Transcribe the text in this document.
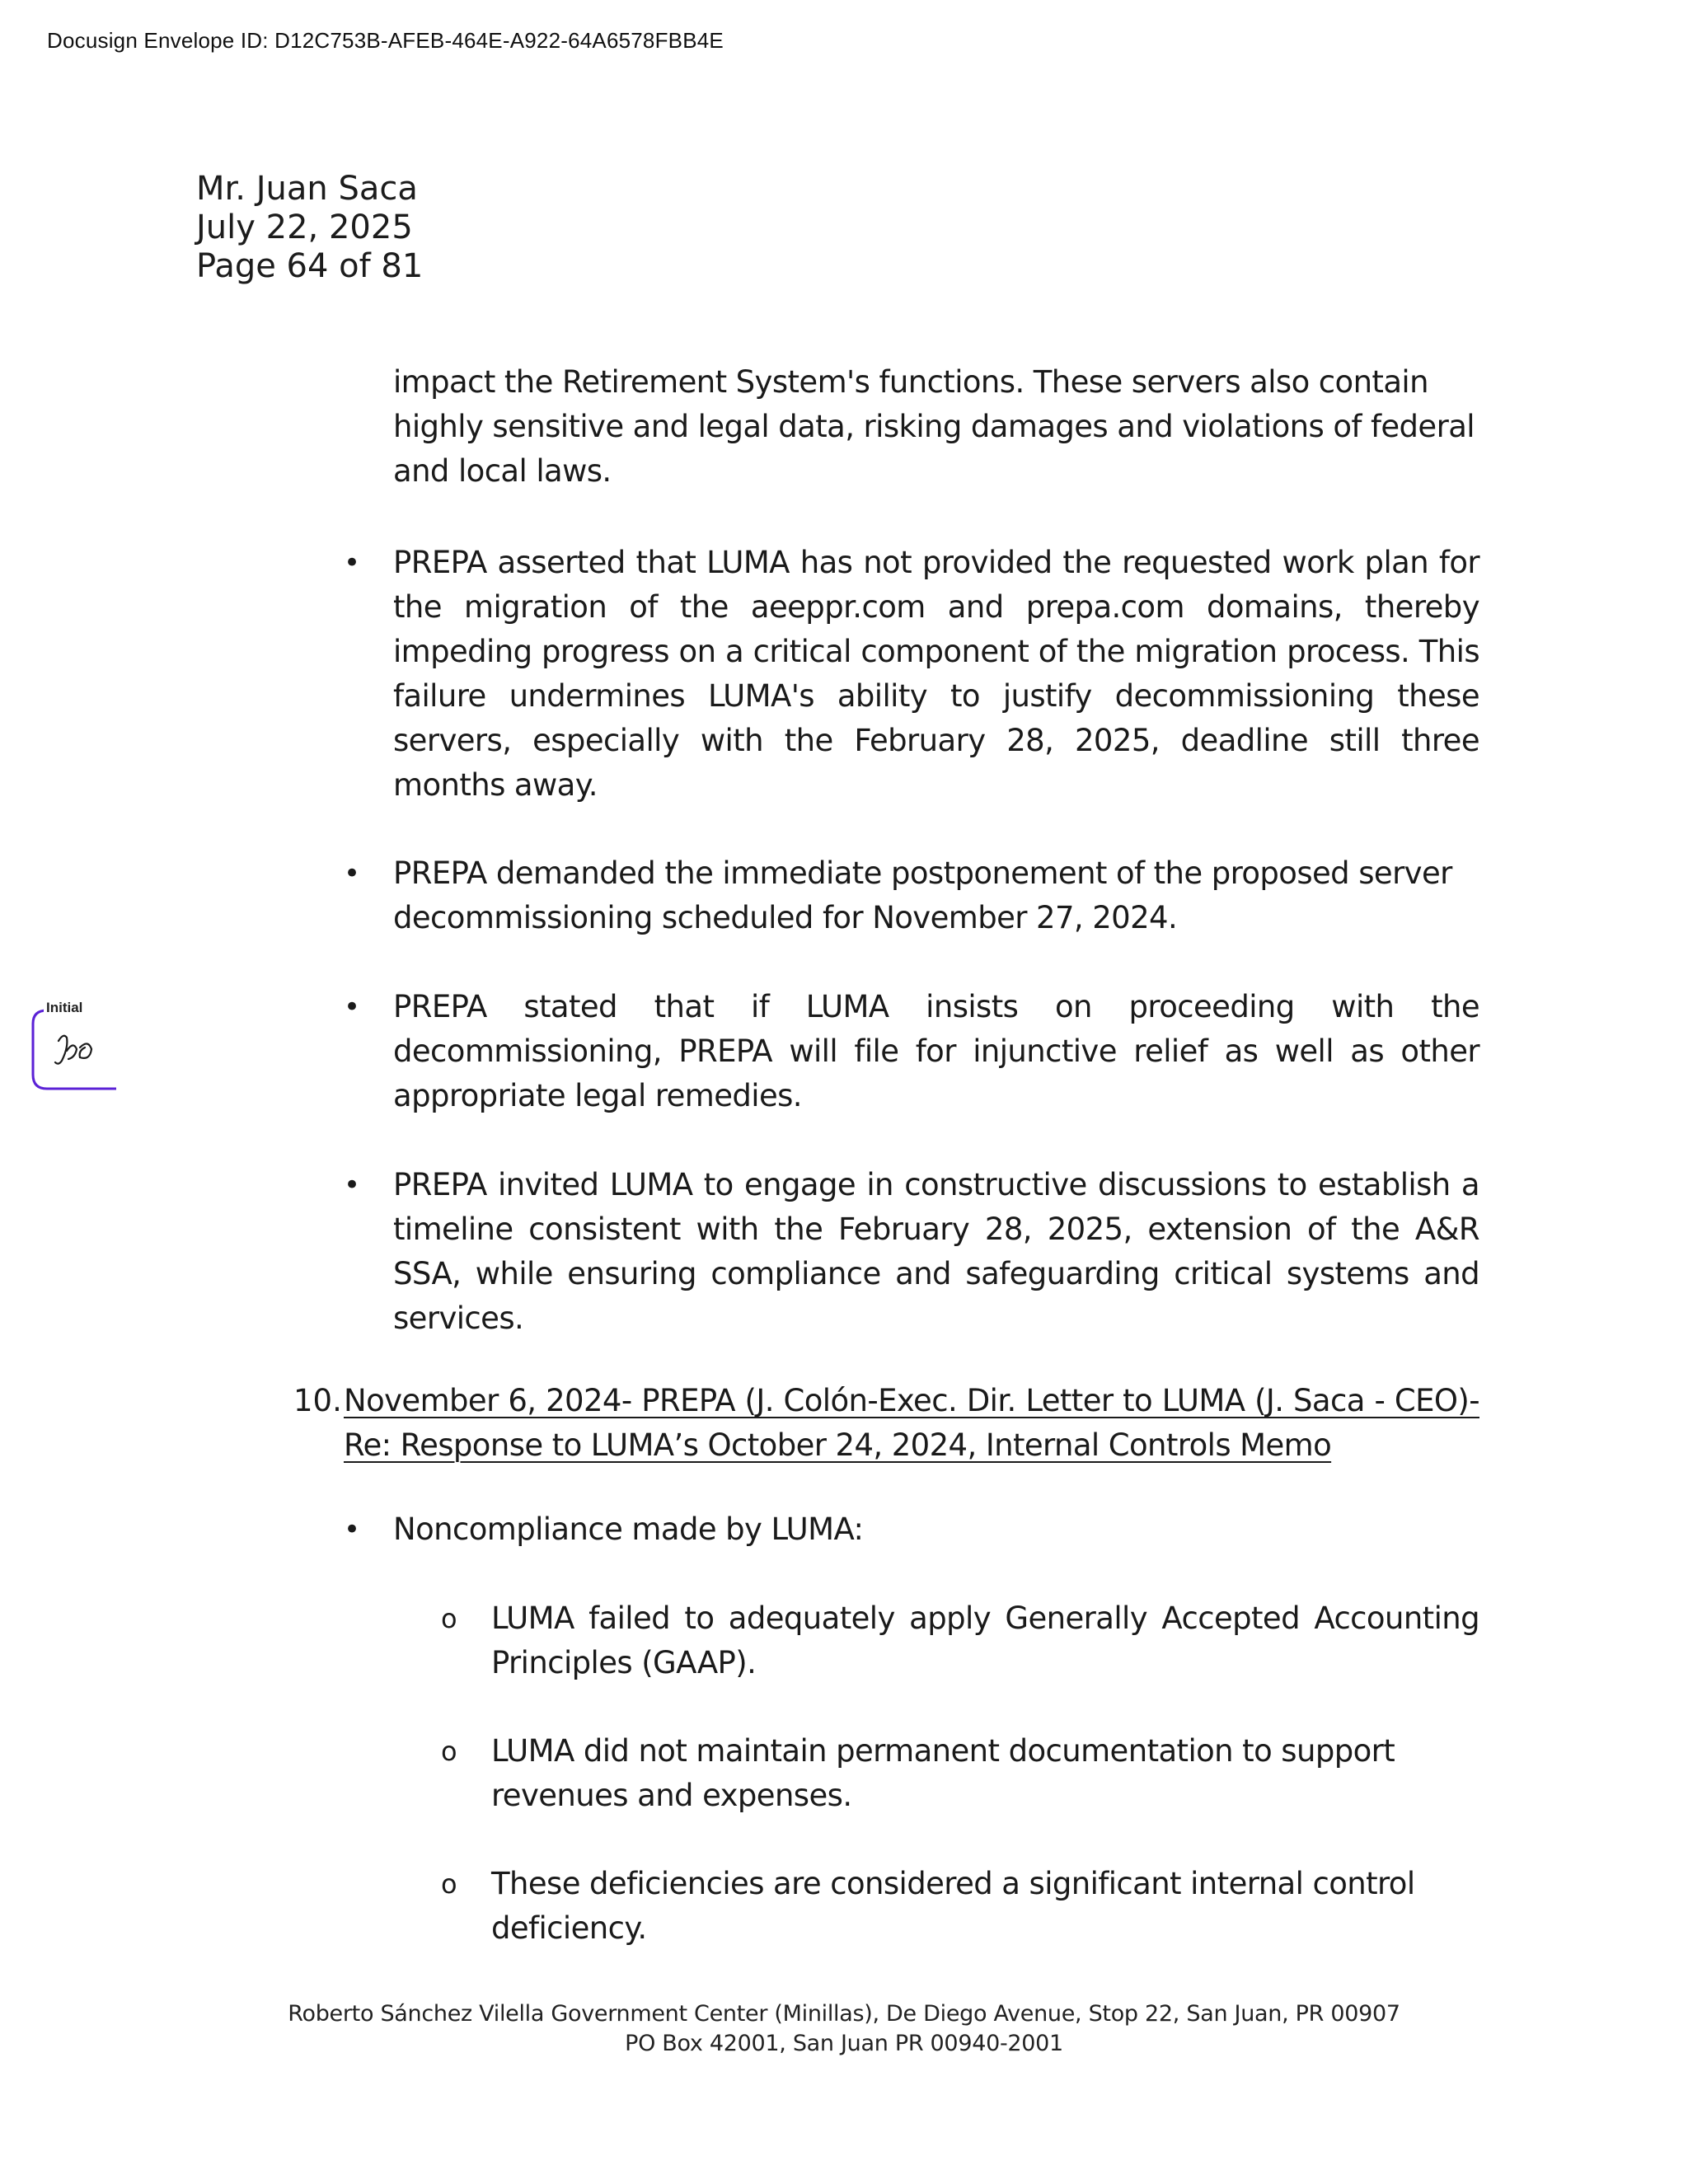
Docusign Envelope ID: D12C753B-AFEB-464E-A922-64A6578FBB4E
Mr. Juan Saca
July 22, 2025
Page 64 of 81
impact the Retirement System's functions. These servers also contain highly sensitive and legal data, risking damages and violations of federal and local laws.
• PREPA asserted that LUMA has not provided the requested work plan for the migration of the aeeppr.com and prepa.com domains, thereby impeding progress on a critical component of the migration process. This failure undermines LUMA's ability to justify decommissioning these servers, especially with the February 28, 2025, deadline still three months away.
• PREPA demanded the immediate postponement of the proposed server decommissioning scheduled for November 27, 2024.
• PREPA stated that if LUMA insists on proceeding with the decommissioning, PREPA will file for injunctive relief as well as other appropriate legal remedies.
• PREPA invited LUMA to engage in constructive discussions to establish a timeline consistent with the February 28, 2025, extension of the A&R SSA, while ensuring compliance and safeguarding critical systems and services.
10. November 6, 2024- PREPA (J. Colón-Exec. Dir. Letter to LUMA (J. Saca - CEO)-Re: Response to LUMA’s October 24, 2024, Internal Controls Memo
• Noncompliance made by LUMA:
o LUMA failed to adequately apply Generally Accepted Accounting Principles (GAAP).
o LUMA did not maintain permanent documentation to support revenues and expenses.
o These deficiencies are considered a significant internal control deficiency.
Initial
Roberto Sánchez Vilella Government Center (Minillas), De Diego Avenue, Stop 22, San Juan, PR 00907
PO Box 42001, San Juan PR 00940-2001
